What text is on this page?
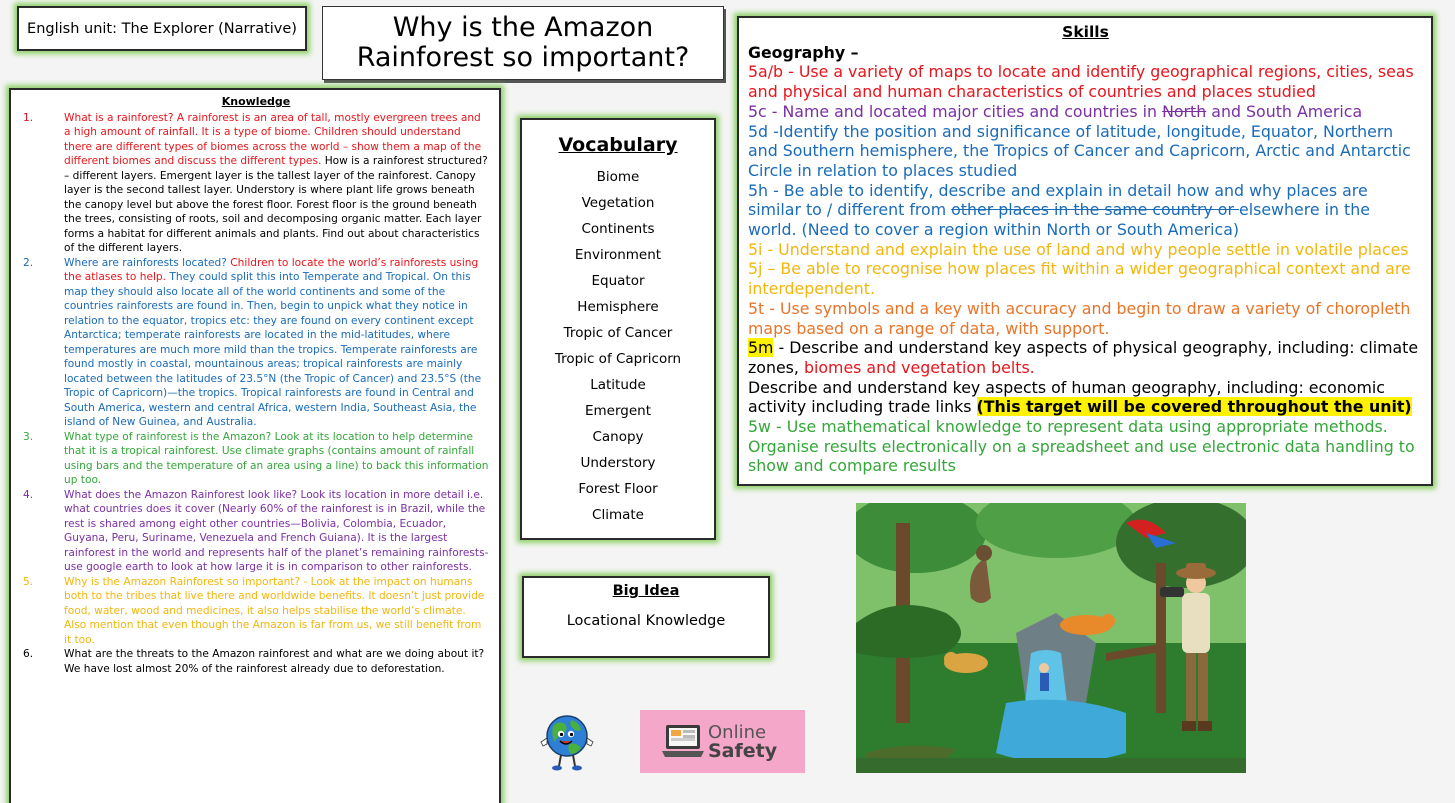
English unit: The Explorer (Narrative)	Why is the Amazon
Rainforest so important?
Knowledge
1.	What is a rainforest? A rainforest is an area of tall, mostly evergreen trees and a high amount of rainfall. It is a type of biome. Children should understand there are different types of biomes across the world – show them a map of the different biomes and discuss the different types. How is a rainforest structured? – different layers. Emergent layer is the tallest layer of the rainforest. Canopy layer is the second tallest layer. Understory is where plant life grows beneath the canopy level but above the forest floor. Forest floor is the ground beneath the trees, consisting of roots, soil and decomposing organic matter. Each layer forms a habitat for different animals and plants. Find out about characteristics of the different layers.
2.	Where are rainforests located? Children to locate the world’s rainforests using the atlases to help. They could split this into Temperate and Tropical. On this map they should also locate all of the world continents and some of the countries rainforests are found in. Then, begin to unpick what they notice in relation to the equator, tropics etc: they are found on every continent except Antarctica; temperate rainforests are located in the mid-latitudes, where temperatures are much more mild than the tropics. Temperate rainforests are found mostly in coastal, mountainous areas; tropical rainforests are mainly located between the latitudes of 23.5°N (the Tropic of Cancer) and 23.5°S (the Tropic of Capricorn)—the tropics. Tropical rainforests are found in Central and South America, western and central Africa, western India, Southeast Asia, the island of New Guinea, and Australia.
3.	What type of rainforest is the Amazon? Look at its location to help determine that it is a tropical rainforest. Use climate graphs (contains amount of rainfall using bars and the temperature of an area using a line) to back this information up too.
4.	What does the Amazon Rainforest look like? Look its location in more detail i.e. what countries does it cover (Nearly 60% of the rainforest is in Brazil, while the rest is shared among eight other countries—Bolivia, Colombia, Ecuador, Guyana, Peru, Suriname, Venezuela and French Guiana). It is the largest rainforest in the world and represents half of the planet’s remaining rainforests- use google earth to look at how large it is in comparison to other rainforests.
5.	Why is the Amazon Rainforest so important? - Look at the impact on humans both to the tribes that live there and worldwide benefits. It doesn’t just provide food, water, wood and medicines, it also helps stabilise the world’s climate. Also mention that even though the Amazon is far from us, we still benefit from it too.
6.	What are the threats to the Amazon rainforest and what are we doing about it? We have lost almost 20% of the rainforest already due to deforestation.
Vocabulary
Biome
Vegetation
Continents
Environment
Equator
Hemisphere
Tropic of Cancer
Tropic of Capricorn
Latitude
Emergent
Canopy
Understory
Forest Floor
Climate
Big Idea
Locational Knowledge
Skills
Geography –
5a/b - Use a variety of maps to locate and identify geographical regions, cities, seas and physical and human characteristics of countries and places studied
5c - Name and located major cities and countries in North and South America
5d -Identify the position and significance of latitude, longitude, Equator, Northern and Southern hemisphere, the Tropics of Cancer and Capricorn, Arctic and Antarctic Circle in relation to places studied
5h - Be able to identify, describe and explain in detail how and why places are similar to / different from other places in the same country or elsewhere in the world. (Need to cover a region within North or South America)
5i - Understand and explain the use of land and why people settle in volatile places
5j – Be able to recognise how places fit within a wider geographical context and are interdependent.
5t - Use symbols and a key with accuracy and begin to draw a variety of choropleth maps based on a range of data, with support.
5m - Describe and understand key aspects of physical geography, including: climate zones, biomes and vegetation belts.
Describe and understand key aspects of human geography, including: economic activity including trade links (This target will be covered throughout the unit)
5w - Use mathematical knowledge to represent data using appropriate methods. Organise results electronically on a spreadsheet and use electronic data handling to show and compare results
Online
Safety
